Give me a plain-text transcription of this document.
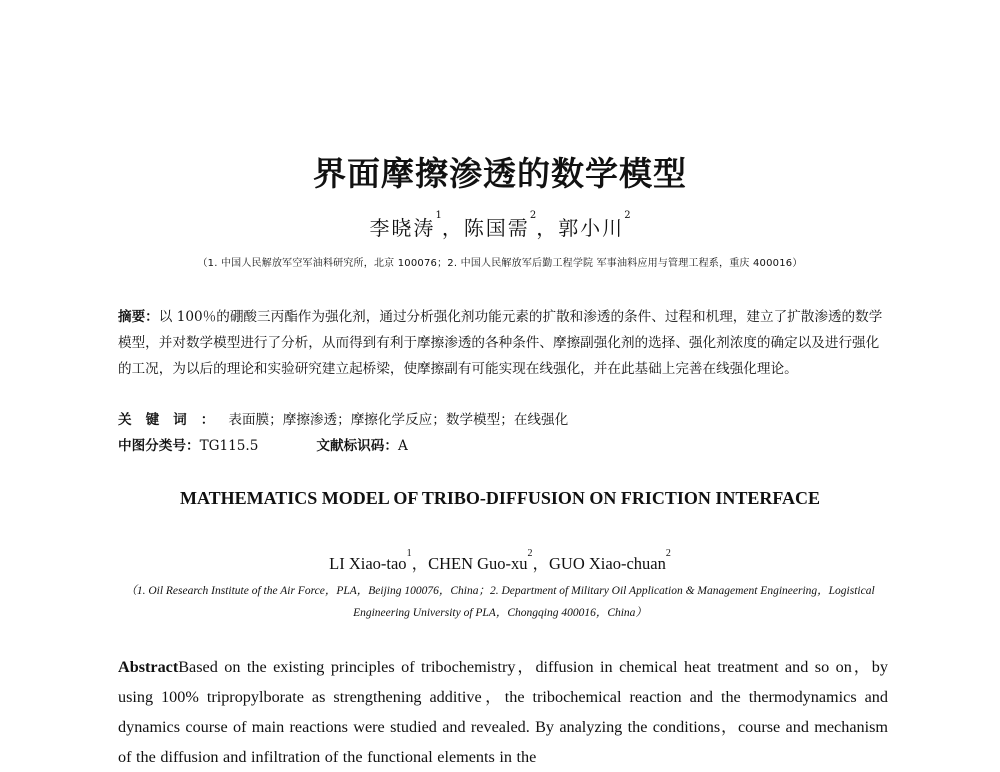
界面摩擦渗透的数学模型
李晓涛$^1$，陈国需$^2$，郭小川$^2$
（1. 中国人民解放军空军油料研究所，北京 100076；2. 中国人民解放军后勤工程学院 军事油料应用与管理工程系，重庆 400016）
摘要：以 100％的硼酸三丙酯作为强化剂，通过分析强化剂功能元素的扩散和渗透的条件、过程和机理，建立了扩散渗透的数学模型，并对数学模型进行了分析，从而得到有利于摩擦渗透的各种条件、摩擦副强化剂的选择、强化剂浓度的确定以及进行强化的工况，为以后的理论和实验研究建立起桥梁，使摩擦副有可能实现在线强化，并在此基础上完善在线强化理论。
关键词：表面膜；摩擦渗透；摩擦化学反应；数学模型；在线强化
中图分类号：TG115.5	文献标识码：A
MATHEMATICS MODEL OF TRIBO-DIFFUSION ON FRICTION INTERFACE
LI Xiao-tao$^1$，CHEN Guo-$xu^2$，GUO Xiao-chuan$^2$
（1. Oil Research Institute of the Air Force，PLA，Beijing 100076，China；2. Department of Military Oil Application & Management Engineering，Logistical Engineering University of PLA，Chongqing 400016，China）
AbstractBased on the existing principles of tribochemistry，diffusion in chemical heat treatment and so on，by using 100% tripropylborate as strengthening additive，the tribochemical reaction and the thermodynamics and dynamics course of main reactions were studied and revealed. By analyzing the conditions，course and mechanism of the diffusion and infiltration of the functional elements in the
